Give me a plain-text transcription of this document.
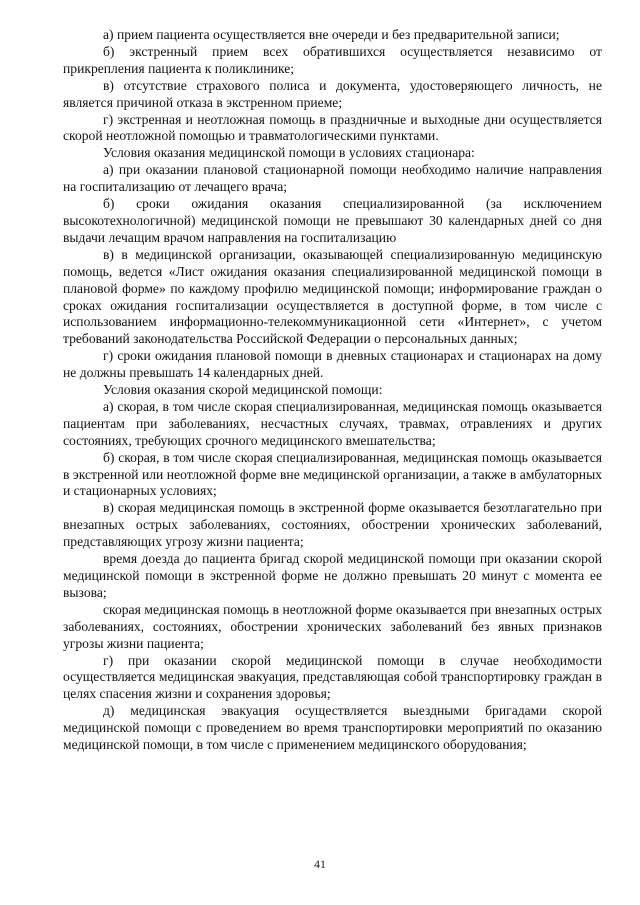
а) прием пациента осуществляется вне очереди и без предварительной записи;

б) экстренный прием всех обратившихся осуществляется независимо от прикрепления пациента к поликлинике;

в) отсутствие страхового полиса и документа, удостоверяющего личность, не является причиной отказа в экстренном приеме;

г) экстренная и неотложная помощь в праздничные и выходные дни осуществляется скорой неотложной помощью и травматологическими пунктами.

Условия оказания медицинской помощи в условиях стационара:

а) при оказании плановой стационарной помощи необходимо наличие направления на госпитализацию от лечащего врача;

б) сроки ожидания оказания специализированной (за исключением высокотехнологичной) медицинской помощи не превышают 30 календарных дней со дня выдачи лечащим врачом направления на госпитализацию

в) в медицинской организации, оказывающей специализированную медицинскую помощь, ведется «Лист ожидания оказания специализированной медицинской помощи в плановой форме» по каждому профилю медицинской помощи; информирование граждан о сроках ожидания госпитализации осуществляется в доступной форме, в том числе с использованием информационно-телекоммуникационной сети «Интернет», с учетом требований законодательства Российской Федерации о персональных данных;

г) сроки ожидания плановой помощи в дневных стационарах и стационарах на дому не должны превышать 14 календарных дней.

Условия оказания скорой медицинской помощи:

а) скорая, в том числе скорая специализированная, медицинская помощь оказывается пациентам при заболеваниях, несчастных случаях, травмах, отравлениях и других состояниях, требующих срочного медицинского вмешательства;

б) скорая, в том числе скорая специализированная, медицинская помощь оказывается в экстренной или неотложной форме вне медицинской организации, а также в амбулаторных и стационарных условиях;

в) скорая медицинская помощь в экстренной форме оказывается безотлагательно при внезапных острых заболеваниях, состояниях, обострении хронических заболеваний, представляющих угрозу жизни пациента;

время доезда до пациента бригад скорой медицинской помощи при оказании скорой медицинской помощи в экстренной форме не должно превышать 20 минут с момента ее вызова;

скорая медицинская помощь в неотложной форме оказывается при внезапных острых заболеваниях, состояниях, обострении хронических заболеваний без явных признаков угрозы жизни пациента;

г) при оказании скорой медицинской помощи в случае необходимости осуществляется медицинская эвакуация, представляющая собой транспортировку граждан в целях спасения жизни и сохранения здоровья;

д) медицинская эвакуация осуществляется выездными бригадами скорой медицинской помощи с проведением во время транспортировки мероприятий по оказанию медицинской помощи, в том числе с применением медицинского оборудования;

41
